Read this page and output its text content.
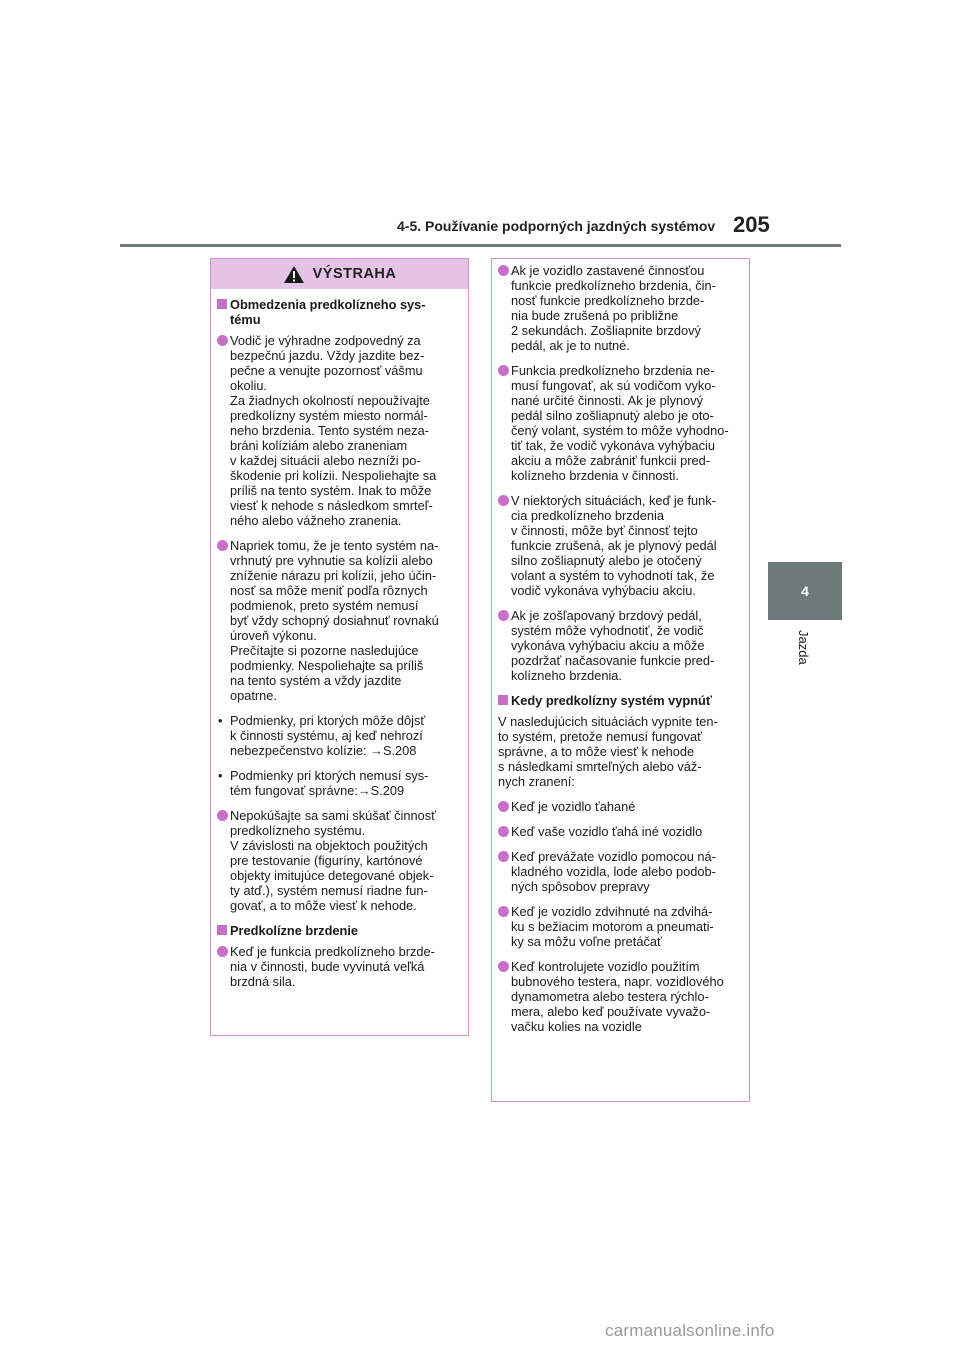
4-5. Používanie podporných jazdných systémov 205
4
Jazda
VÝSTRAHA
Obmedzenia predkolízneho sys-
tému
Vodič je výhradne zodpovedný za
bezpečnú jazdu. Vždy jazdite bez-
pečne a venujte pozornosť vášmu
okoliu.
Za žiadnych okolností nepoužívajte
predkolízny systém miesto normál-
neho brzdenia. Tento systém neza-
bráni kolíziám alebo zraneniam
v každej situácii alebo nezníži po-
škodenie pri kolízii. Nespoliehajte sa
príliš na tento systém. Inak to môže
viesť k nehode s následkom smrteľ-
ného alebo vážneho zranenia.
Napriek tomu, že je tento systém na-
vrhnutý pre vyhnutie sa kolízii alebo
zníženie nárazu pri kolízii, jeho účin-
nosť sa môže meniť podľa rôznych
podmienok, preto systém nemusí
byť vždy schopný dosiahnuť rovnakú
úroveň výkonu.
Prečítajte si pozorne nasledujúce
podmienky. Nespoliehajte sa príliš
na tento systém a vždy jazdite
opatrne.
• Podmienky, pri ktorých môže dôjsť
k činnosti systému, aj keď nehrozí
nebezpečenstvo kolízie: →S.208
• Podmienky pri ktorých nemusí sys-
tém fungovať správne:→S.209
Nepokúšajte sa sami skúšať činnosť
predkolízneho systému.
V závislosti na objektoch použitých
pre testovanie (figuríny, kartónové
objekty imitujúce detegované objek-
ty atď.), systém nemusí riadne fun-
govať, a to môže viesť k nehode.
Predkolízne brzdenie
Keď je funkcia predkolízneho brzde-
nia v činnosti, bude vyvinutá veľká
brzdná sila.
Ak je vozidlo zastavené činnosťou
funkcie predkolízneho brzdenia, čin-
nosť funkcie predkolízneho brzde-
nia bude zrušená po približne
2 sekundách. Zošliapnite brzdový
pedál, ak je to nutné.
Funkcia predkolízneho brzdenia ne-
musí fungovať, ak sú vodičom vyko-
nané určité činnosti. Ak je plynový
pedál silno zošliapnutý alebo je oto-
čený volant, systém to môže vyhodno-
tiť tak, že vodič vykonáva vyhýbaciu
akciu a môže zabrániť funkcii pred-
kolízneho brzdenia v činnosti.
V niektorých situáciách, keď je funk-
cia predkolízneho brzdenia
v činnosti, môže byť činnosť tejto
funkcie zrušená, ak je plynový pedál
silno zošliapnutý alebo je otočený
volant a systém to vyhodnotí tak, že
vodič vykonáva vyhýbaciu akciu.
Ak je zošľapovaný brzdový pedál,
systém môže vyhodnotiť, že vodič
vykonáva vyhýbaciu akciu a môže
pozdržať načasovanie funkcie pred-
kolízneho brzdenia.
Kedy predkolízny systém vypnúť
V nasledujúcich situáciách vypnite ten-
to systém, pretože nemusí fungovať
správne, a to môže viesť k nehode
s následkami smrteľných alebo váž-
nych zranení:
Keď je vozidlo ťahané
Keď vaše vozidlo ťahá iné vozidlo
Keď prevážate vozidlo pomocou ná-
kladného vozidla, lode alebo podob-
ných spôsobov prepravy
Keď je vozidlo zdvihnuté na zdvihá-
ku s bežiacim motorom a pneumati-
ky sa môžu voľne pretáčať
Keď kontrolujete vozidlo použitím
bubnového testera, napr. vozidlového
dynamometra alebo testera rýchlo-
mera, alebo keď používate vyvažo-
vačku kolies na vozidle
carmanualsonline.info
